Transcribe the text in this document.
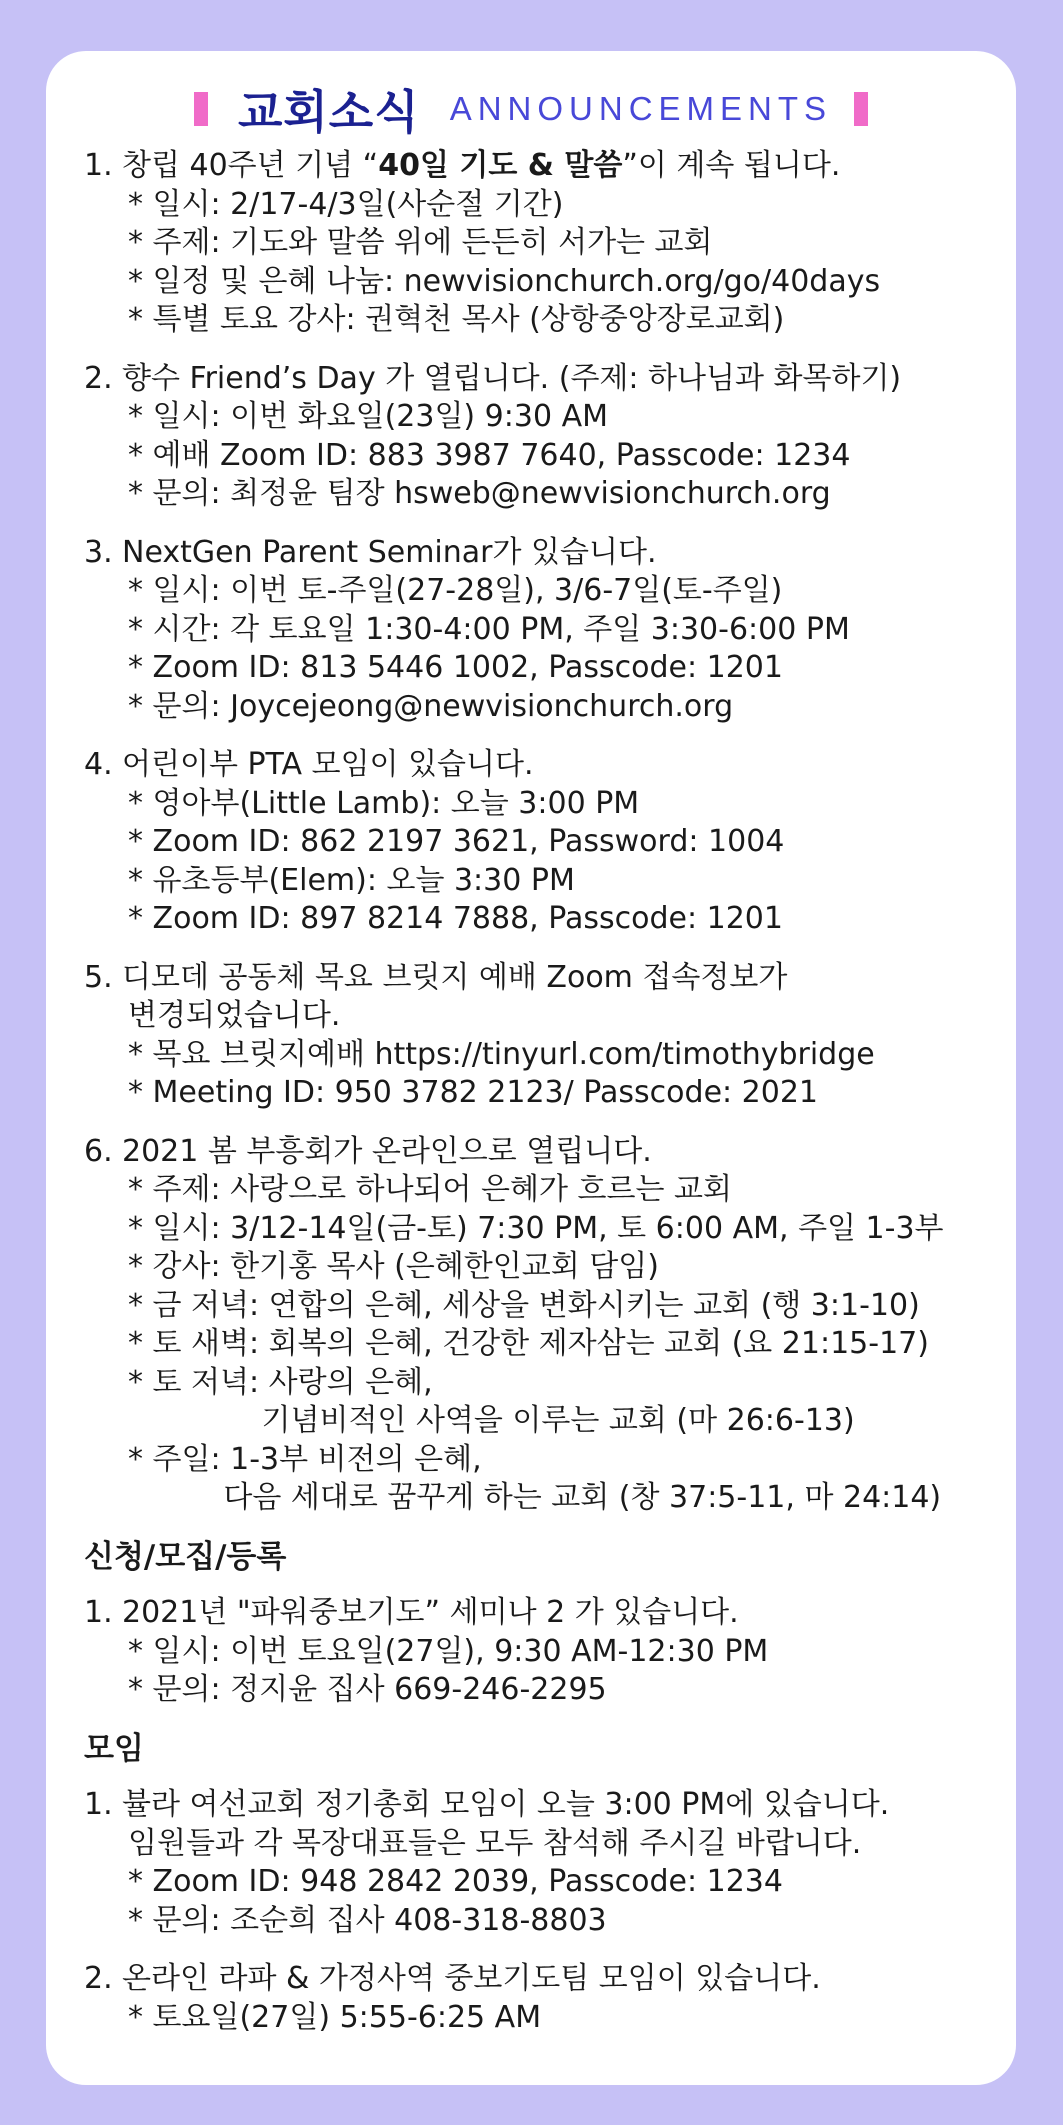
교회소식 ANNOUNCEMENTS
1. 창립 40주년 기념 “40일 기도 & 말씀”이 계속 됩니다.
* 일시: 2/17-4/3일(사순절 기간)
* 주제: 기도와 말씀 위에 든든히 서가는 교회
* 일정 및 은혜 나눔: newvisionchurch.org/go/40days
* 특별 토요 강사: 권혁천 목사 (상항중앙장로교회)
2. 향수 Friend’s Day 가 열립니다. (주제: 하나님과 화목하기)
* 일시: 이번 화요일(23일) 9:30 AM
* 예배 Zoom ID: 883 3987 7640, Passcode: 1234
* 문의: 최정윤 팀장 hsweb@newvisionchurch.org
3. NextGen Parent Seminar가 있습니다.
* 일시: 이번 토-주일(27-28일), 3/6-7일(토-주일)
* 시간: 각 토요일 1:30-4:00 PM, 주일 3:30-6:00 PM
* Zoom ID: 813 5446 1002, Passcode: 1201
* 문의: Joycejeong@newvisionchurch.org
4. 어린이부 PTA 모임이 있습니다.
* 영아부(Little Lamb): 오늘 3:00 PM
* Zoom ID: 862 2197 3621, Password: 1004
* 유초등부(Elem): 오늘 3:30 PM
* Zoom ID: 897 8214 7888, Passcode: 1201
5. 디모데 공동체 목요 브릿지 예배 Zoom 접속정보가
변경되었습니다.
* 목요 브릿지예배 https://tinyurl.com/timothybridge
* Meeting ID: 950 3782 2123/ Passcode: 2021
6. 2021 봄 부흥회가 온라인으로 열립니다.
* 주제: 사랑으로 하나되어 은혜가 흐르는 교회
* 일시: 3/12-14일(금-토) 7:30 PM, 토 6:00 AM, 주일 1-3부
* 강사: 한기홍 목사 (은혜한인교회 담임)
* 금 저녁: 연합의 은혜, 세상을 변화시키는 교회 (행 3:1-10)
* 토 새벽: 회복의 은혜, 건강한 제자삼는 교회 (요 21:15-17)
* 토 저녁: 사랑의 은혜,
기념비적인 사역을 이루는 교회 (마 26:6-13)
* 주일: 1-3부 비전의 은혜,
다음 세대로 꿈꾸게 하는 교회 (창 37:5-11, 마 24:14)
신청/모집/등록
1. 2021년 "파워중보기도” 세미나 2 가 있습니다.
* 일시: 이번 토요일(27일), 9:30 AM-12:30 PM
* 문의: 정지윤 집사 669-246-2295
모임
1. 뷸라 여선교회 정기총회 모임이 오늘 3:00 PM에 있습니다.
임원들과 각 목장대표들은 모두 참석해 주시길 바랍니다.
* Zoom ID: 948 2842 2039, Passcode: 1234
* 문의: 조순희 집사 408-318-8803
2. 온라인 라파 & 가정사역 중보기도팀 모임이 있습니다.
* 토요일(27일) 5:55-6:25 AM
